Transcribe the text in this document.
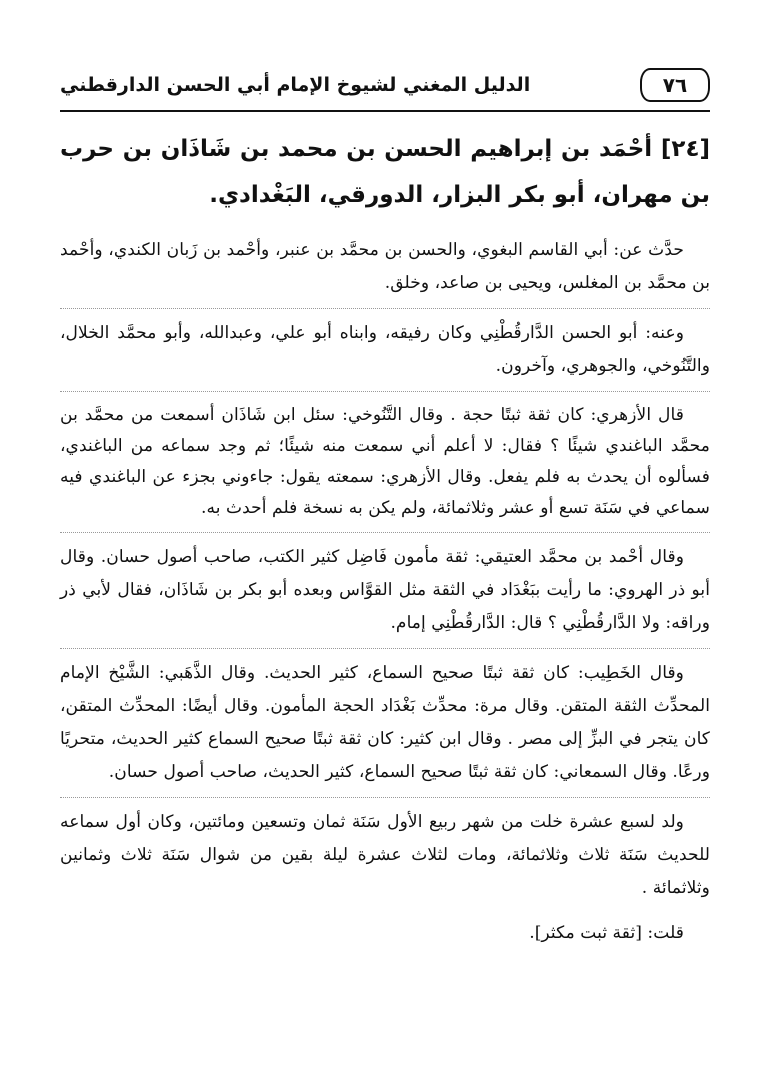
٧٦
الدليل المغني لشيوخ الإمام أبي الحسن الدارقطني
[٢٤] أحْمَد بن إبراهيم الحسن بن محمد بن شَاذَان بن حرب بن مهران، أبو بكر البزار، الدورقي، البَغْدادي.

حدَّث عن: أبي القاسم البغوي، والحسن بن محمَّد بن عنبر، وأحْمد بن زَبان الكندي، وأحْمد بن محمَّد بن المغلس، ويحيى بن صاعد، وخلق.

وعنه: أبو الحسن الدَّارقُطْنِي وكان رفيقه، وابناه أبو علي، وعبدالله، وأبو محمَّد الخلال، والتَّنُوخي، والجوهري، وآخرون.

قال الأزهري: كان ثقة ثبتًا حجة . وقال التَّنُوخي: سئل ابن شَاذَان أسمعت من محمَّد بن محمَّد الباغندي شيئًا ؟ فقال: لا أعلم أني سمعت منه شيئًا؛ ثم وجد سماعه من الباغندي، فسألوه أن يحدث به فلم يفعل. وقال الأزهري: سمعته يقول: جاءوني بجزء عن الباغندي فيه سماعي في سَنَة تسع أو عشر وثلاثمائة، ولم يكن به نسخة فلم أحدث به.

وقال أحْمد بن محمَّد العتيقي: ثقة مأمون فَاضِل كثير الكتب، صاحب أصول حسان. وقال أبو ذر الهروي: ما رأيت ببَغْدَاد في الثقة مثل القوَّاس وبعده أبو بكر بن شَاذَان، فقال لأبي ذر وراقه: ولا الدَّارقُطْنِي ؟ قال: الدَّارقُطْنِي إمام.

وقال الخَطِيب: كان ثقة ثبتًا صحيح السماع، كثير الحديث. وقال الذَّهَبي: الشَّيْخ الإمام المحدِّث الثقة المتقن. وقال مرة: محدِّث بَغْدَاد الحجة المأمون. وقال أيضًا: المحدِّث المتقن، كان يتجر في البزِّ إلى مصر . وقال ابن كثير: كان ثقة ثبتًا صحيح السماع كثير الحديث، متحريًا ورعًا. وقال السمعاني: كان ثقة ثبتًا صحيح السماع، كثير الحديث، صاحب أصول حسان.

ولد لسبع عشرة خلت من شهر ربيع الأول سَنَة ثمان وتسعين ومائتين، وكان أول سماعه للحديث سَنَة ثلاث وثلاثمائة، ومات لثلاث عشرة ليلة بقين من شوال سَنَة ثلاث وثمانين وثلاثمائة .

قلت: [ثقة ثبت مكثر].
